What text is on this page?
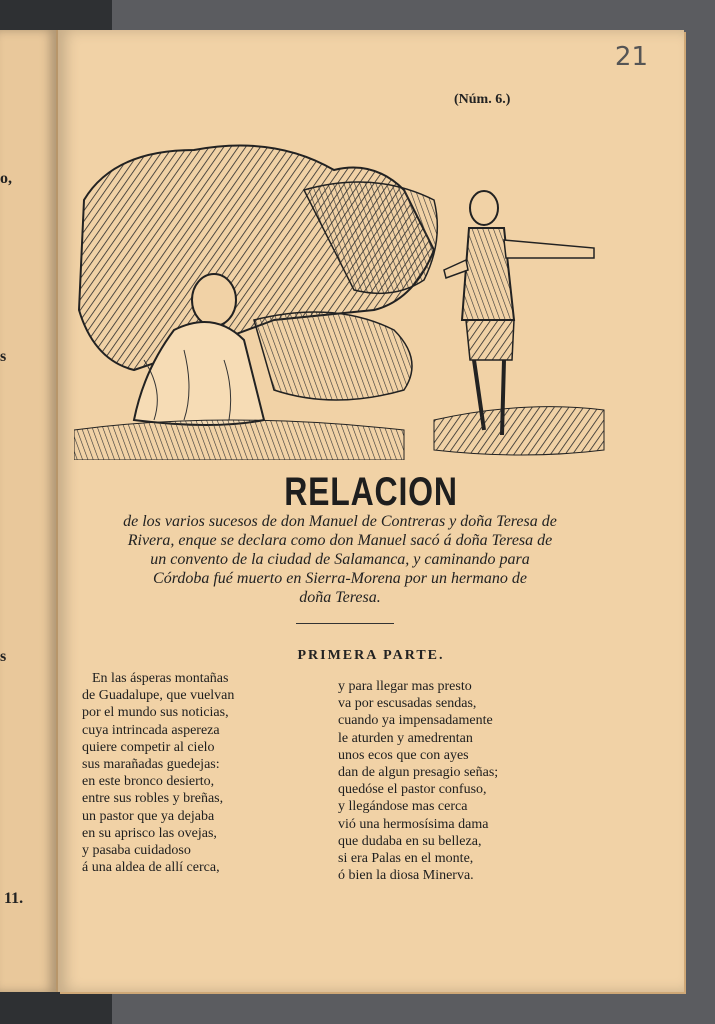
o,
s
s
11.
21
(Núm. 6.)
RELACION
de los varios sucesos de don Manuel de Contreras y doña Teresa de
Rivera, enque se declara como don Manuel sacó á doña Teresa de
un convento de la ciudad de Salamanca, y caminando para
Córdoba fué muerto en Sierra-Morena por un hermano de
doña Teresa.
PRIMERA PARTE.
En las ásperas montañas
de Guadalupe, que vuelvan
por el mundo sus noticias,
cuya intrincada aspereza
quiere competir al cielo
sus marañadas guedejas:
en este bronco desierto,
entre sus robles y breñas,
un pastor que ya dejaba
en su aprisco las ovejas,
y pasaba cuidadoso
á una aldea de allí cerca,
y para llegar mas presto
va por escusadas sendas,
cuando ya impensadamente
le aturden y amedrentan
unos ecos que con ayes
dan de algun presagio señas;
quedóse el pastor confuso,
y llegándose mas cerca
vió una hermosísima dama
que dudaba en su belleza,
si era Palas en el monte,
ó bien la diosa Minerva.
